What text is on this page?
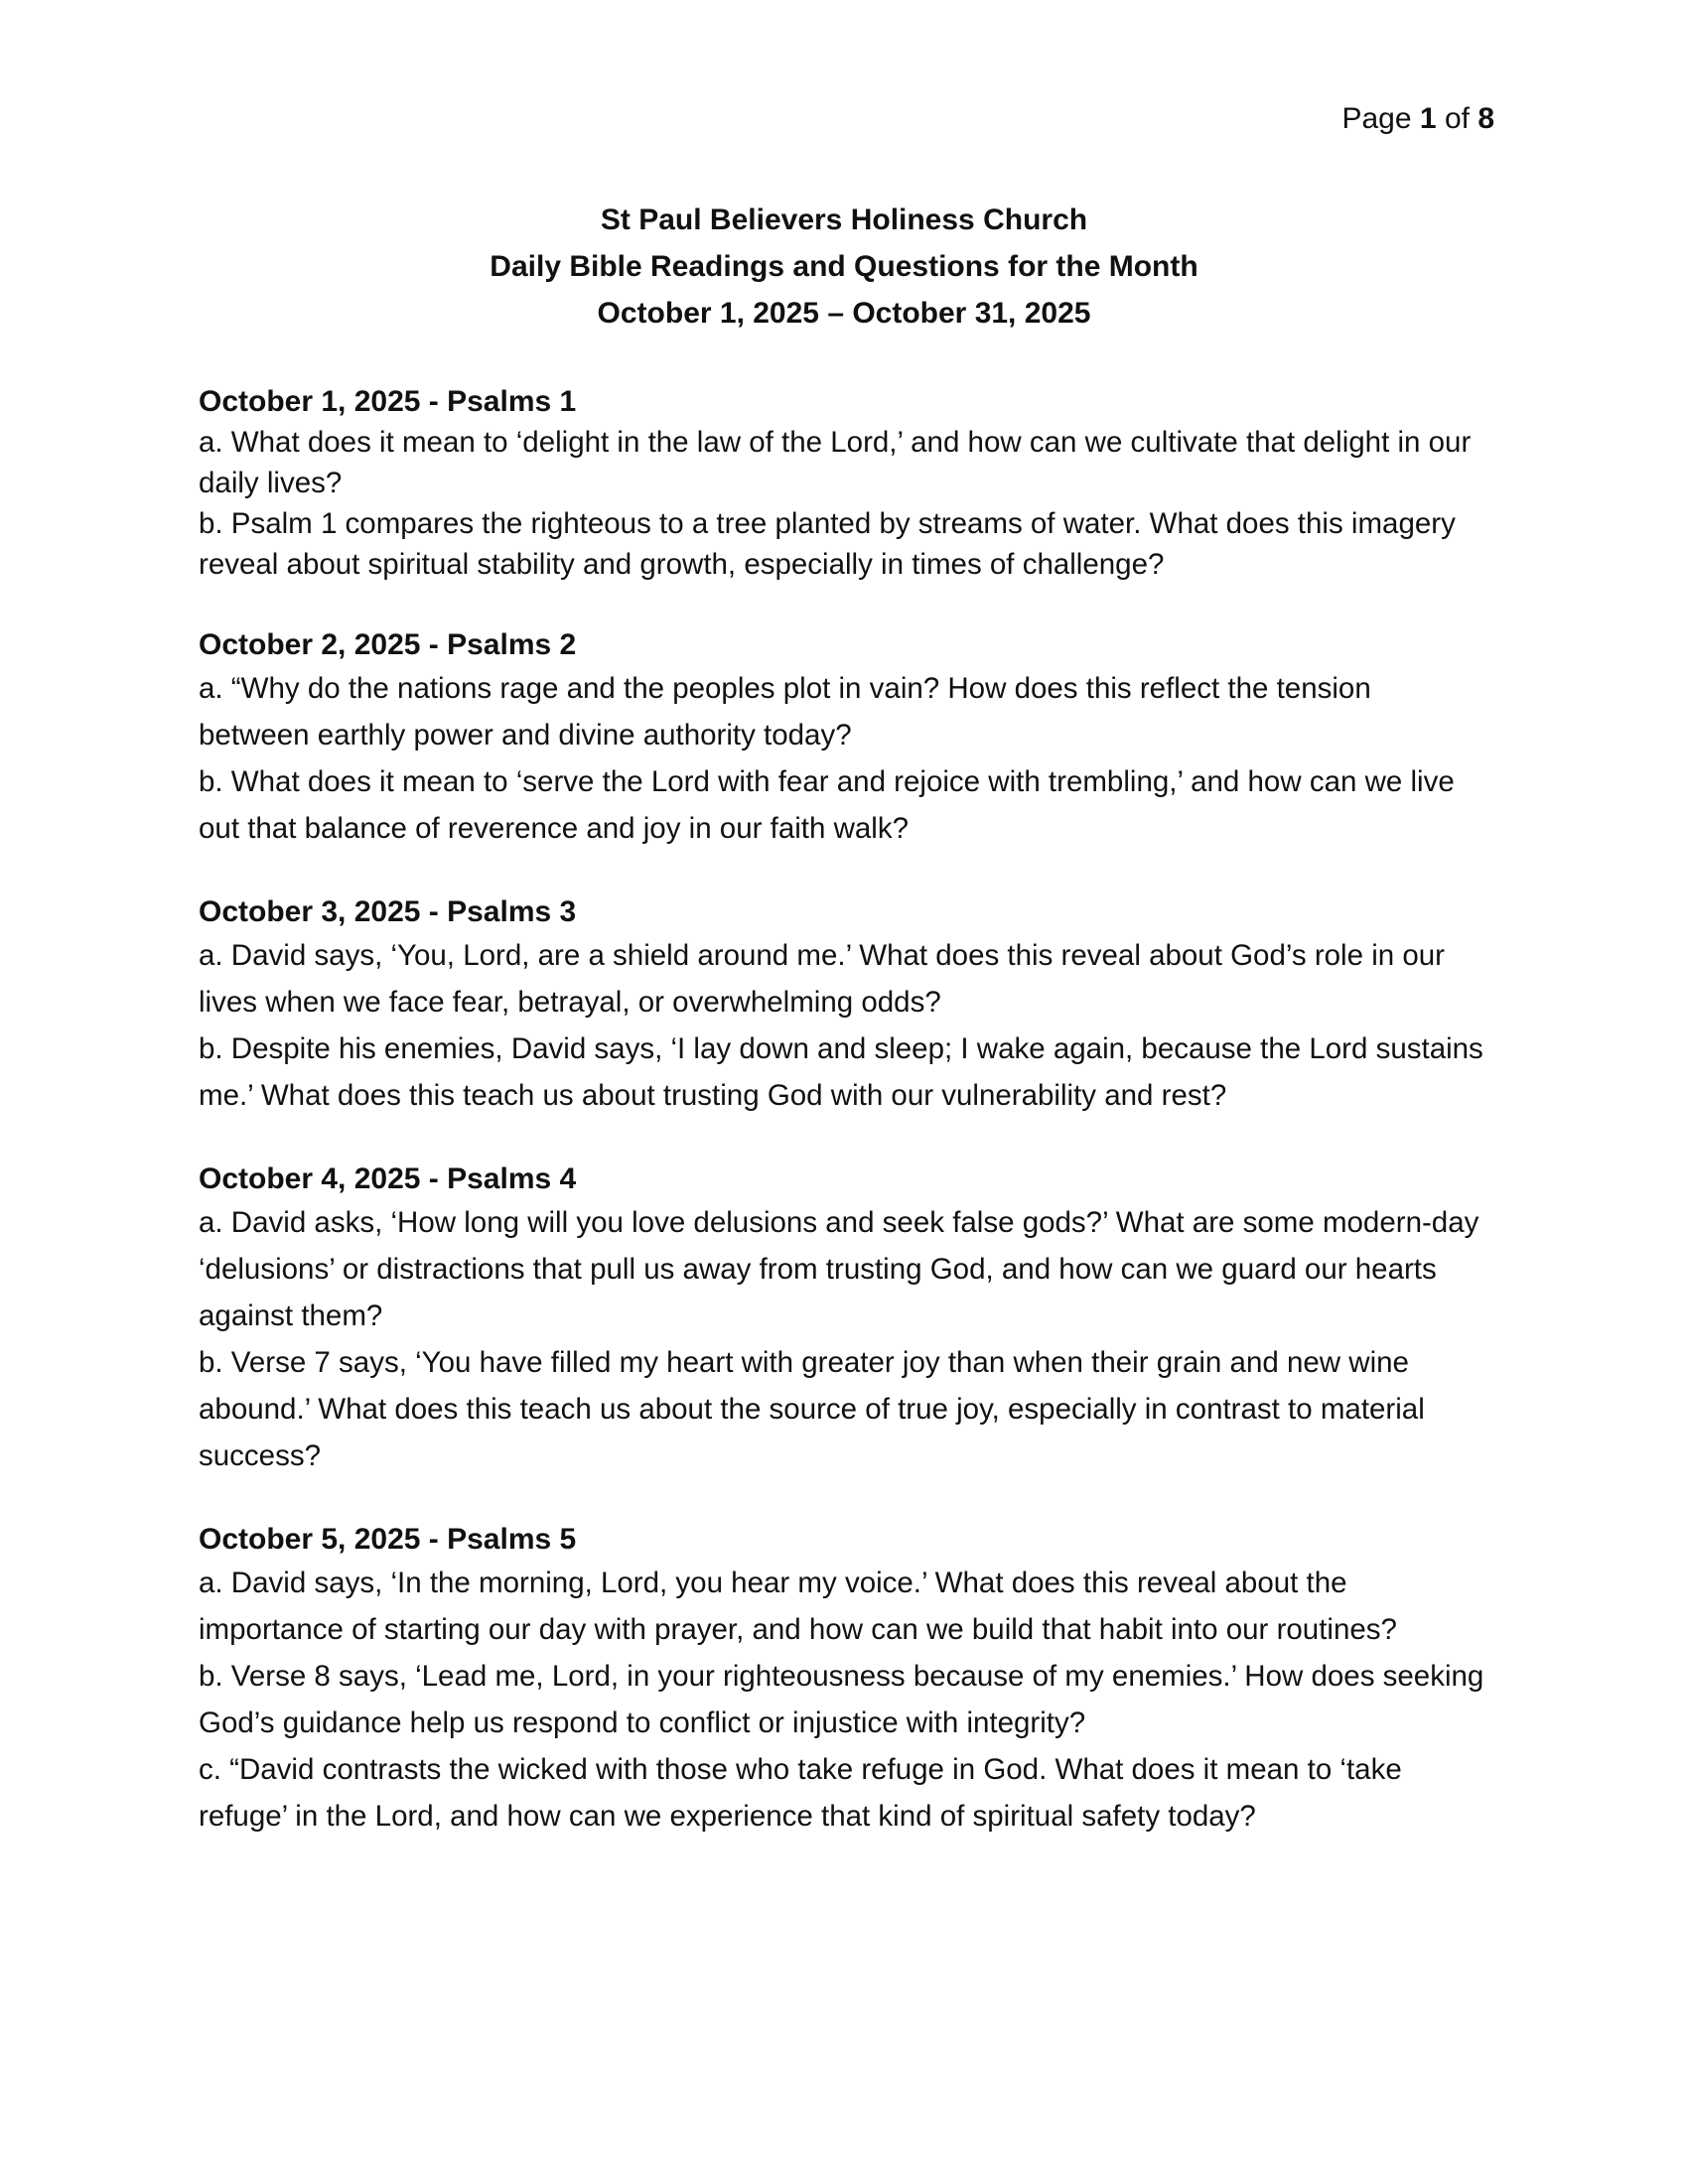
Page 1 of 8
St Paul Believers Holiness Church
Daily Bible Readings and Questions for the Month
October 1, 2025 – October 31, 2025

October 1, 2025 - Psalms 1

a. What does it mean to ‘delight in the law of the Lord,’ and how can we cultivate that delight in our daily lives?

b. Psalm 1 compares the righteous to a tree planted by streams of water. What does this imagery reveal about spiritual stability and growth, especially in times of challenge?

October 2, 2025 - Psalms 2

a. “Why do the nations rage and the peoples plot in vain? How does this reflect the tension between earthly power and divine authority today?

b. What does it mean to ‘serve the Lord with fear and rejoice with trembling,’ and how can we live out that balance of reverence and joy in our faith walk?

October 3, 2025 - Psalms 3

a. David says, ‘You, Lord, are a shield around me.’ What does this reveal about God’s role in our lives when we face fear, betrayal, or overwhelming odds?

b. Despite his enemies, David says, ‘I lay down and sleep; I wake again, because the Lord sustains me.’ What does this teach us about trusting God with our vulnerability and rest?

October 4, 2025 - Psalms 4

a. David asks, ‘How long will you love delusions and seek false gods?’ What are some modern-day ‘delusions’ or distractions that pull us away from trusting God, and how can we guard our hearts against them?

b. Verse 7 says, ‘You have filled my heart with greater joy than when their grain and new wine abound.’ What does this teach us about the source of true joy, especially in contrast to material success?

October 5, 2025 - Psalms 5

a. David says, ‘In the morning, Lord, you hear my voice.’ What does this reveal about the importance of starting our day with prayer, and how can we build that habit into our routines?

b. Verse 8 says, ‘Lead me, Lord, in your righteousness because of my enemies.’ How does seeking God’s guidance help us respond to conflict or injustice with integrity?

c. “David contrasts the wicked with those who take refuge in God. What does it mean to ‘take refuge’ in the Lord, and how can we experience that kind of spiritual safety today?
